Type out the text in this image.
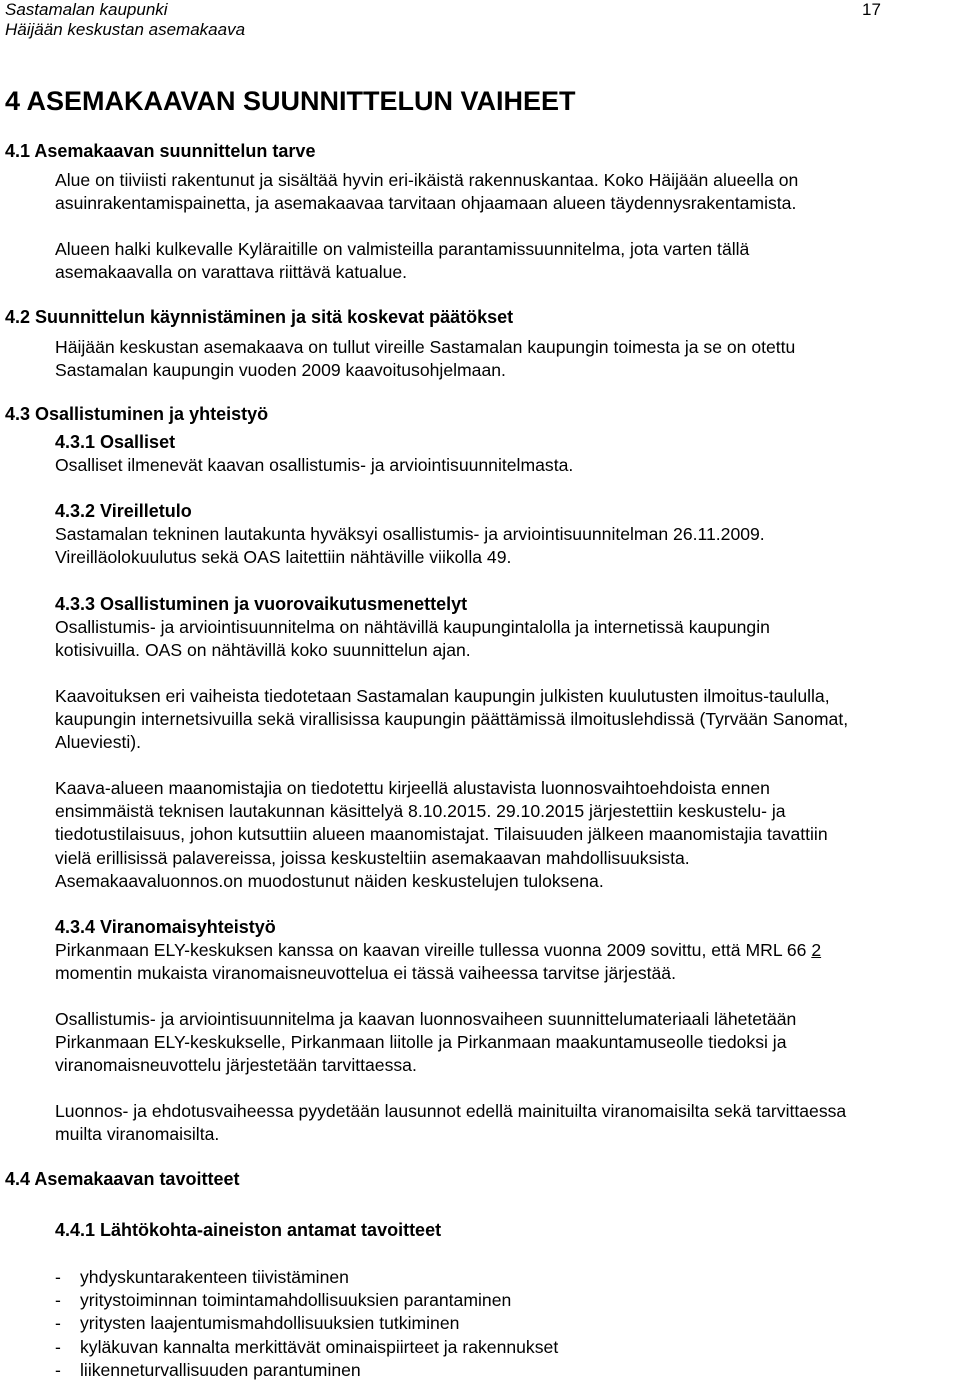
Sastamalan kaupunki
Häijään keskustan asemakaava
17
4 ASEMAKAAVAN SUUNNITTELUN VAIHEET
4.1 Asemakaavan suunnittelun tarve
Alue on tiiviisti rakentunut ja sisältää hyvin eri-ikäistä rakennuskantaa. Koko Häijään alueella on
asuinrakentamispainetta, ja asemakaavaa tarvitaan ohjaamaan alueen täydennysrakentamista.
Alueen halki kulkevalle Kyläraitille on valmisteilla parantamissuunnitelma, jota varten tällä
asemakaavalla on varattava riittävä katualue.
4.2 Suunnittelun käynnistäminen ja sitä koskevat päätökset
Häijään keskustan asemakaava on tullut vireille Sastamalan kaupungin toimesta ja se on otettu
Sastamalan kaupungin vuoden 2009 kaavoitusohjelmaan.
4.3 Osallistuminen ja yhteistyö
4.3.1 Osalliset
Osalliset ilmenevät kaavan osallistumis- ja arviointisuunnitelmasta.
4.3.2 Vireilletulo
Sastamalan tekninen lautakunta hyväksyi osallistumis- ja arviointisuunnitelman 26.11.2009.
Vireilläolokuulutus sekä OAS laitettiin nähtäville viikolla 49.
4.3.3 Osallistuminen ja vuorovaikutusmenettelyt
Osallistumis- ja arviointisuunnitelma on nähtävillä kaupungintalolla ja internetissä kaupungin
kotisivuilla. OAS on nähtävillä koko suunnittelun ajan.
Kaavoituksen eri vaiheista tiedotetaan Sastamalan kaupungin julkisten kuulutusten ilmoitus-taululla,
kaupungin internetsivuilla sekä virallisissa kaupungin päättämissä ilmoituslehdissä (Tyrvään Sanomat,
Alueviesti).
Kaava-alueen maanomistajia on tiedotettu kirjeellä alustavista luonnosvaihtoehdoista ennen
ensimmäistä teknisen lautakunnan käsittelyä 8.10.2015. 29.10.2015 järjestettiin keskustelu- ja
tiedotustilaisuus, johon kutsuttiin alueen maanomistajat. Tilaisuuden jälkeen maanomistajia tavattiin
vielä erillisissä palavereissa, joissa keskusteltiin asemakaavan mahdollisuuksista.
Asemakaavaluonnos.on muodostunut näiden keskustelujen tuloksena.
4.3.4 Viranomaisyhteistyö
Pirkanmaan ELY-keskuksen kanssa on kaavan vireille tullessa vuonna 2009 sovittu, että MRL 66 2
momentin mukaista viranomaisneuvottelua ei tässä vaiheessa tarvitse järjestää.
Osallistumis- ja arviointisuunnitelma ja kaavan luonnosvaiheen suunnittelumateriaali lähetetään
Pirkanmaan ELY-keskukselle, Pirkanmaan liitolle ja Pirkanmaan maakuntamuseolle tiedoksi ja
viranomaisneuvottelu järjestetään tarvittaessa.
Luonnos- ja ehdotusvaiheessa pyydetään lausunnot edellä mainituilta viranomaisilta sekä tarvittaessa
muilta viranomaisilta.
4.4 Asemakaavan tavoitteet
4.4.1 Lähtökohta-aineiston antamat tavoitteet
- yhdyskuntarakenteen tiivistäminen
- yritystoiminnan toimintamahdollisuuksien parantaminen
- yritysten laajentumismahdollisuuksien tutkiminen
- kyläkuvan kannalta merkittävät ominaispiirteet ja rakennukset
- liikenneturvallisuuden parantuminen
